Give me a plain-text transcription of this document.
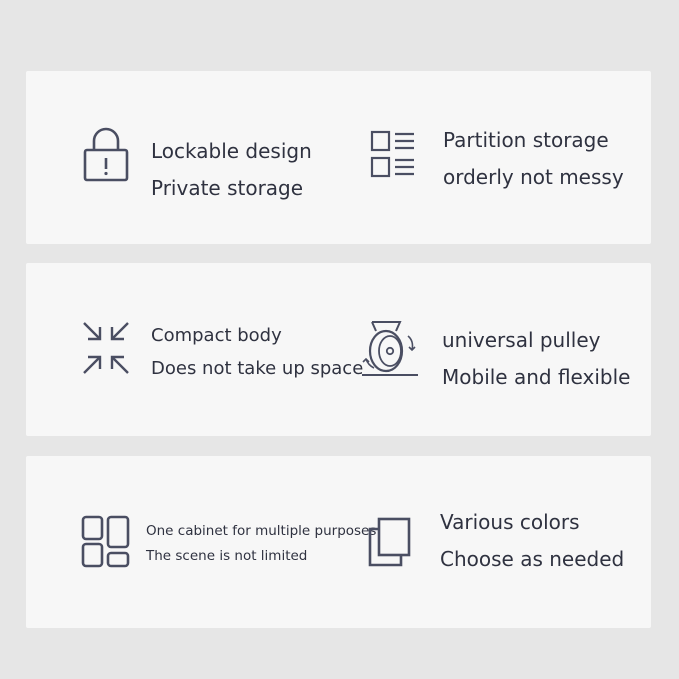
Lockable design
Private storage
Partition storage
orderly not messy
Compact body
Does not take up space
universal pulley
Mobile and flexible
One cabinet for multiple purposes
The scene is not limited
Various colors
Choose as needed
